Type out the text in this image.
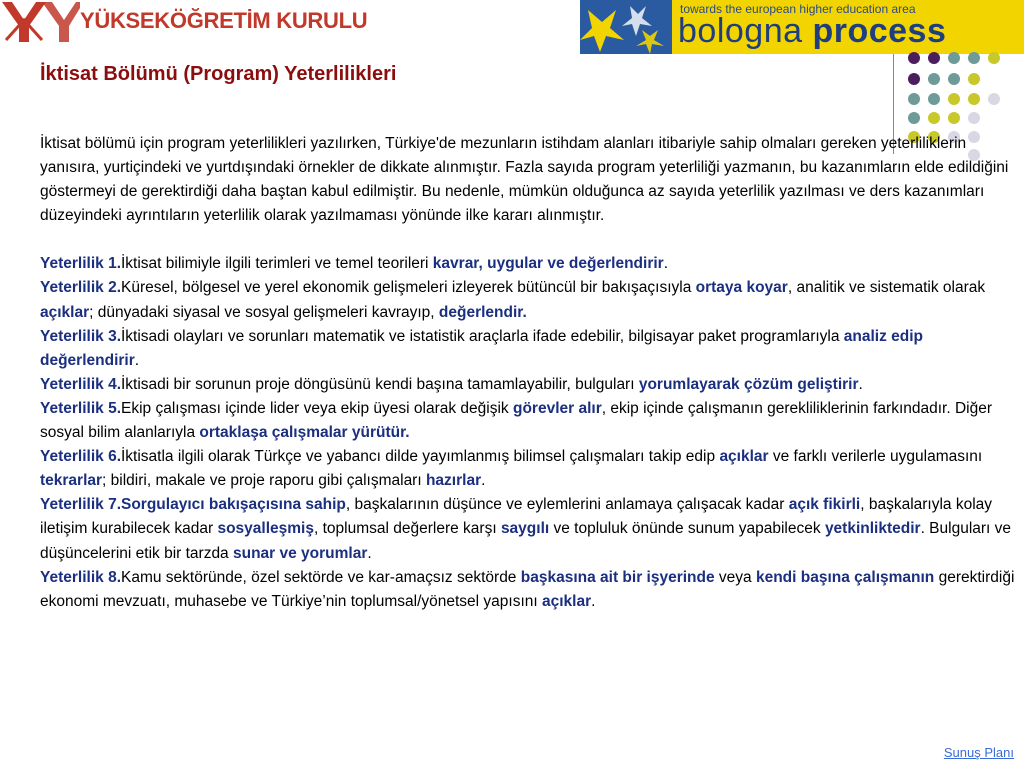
YÜKSEKÖĞRETİM KURULU	towards the european higher education area
bologna process
İktisat Bölümü (Program) Yeterlilikleri

İktisat bölümü için program yeterlilikleri yazılırken, Türkiye'de mezunların istihdam alanları itibariyle sahip olmaları gereken yeterliliklerin yanısıra, yurtiçindeki ve yurtdışındaki örnekler de dikkate alınmıştır. Fazla sayıda program yeterliliği yazmanın, bu kazanımların elde edildiğini göstermeyi de gerektirdiği daha baştan kabul edilmiştir. Bu nedenle, mümkün olduğunca az sayıda yeterlilik yazılması ve ders kazanımları düzeyindeki ayrıntıların yeterlilik olarak yazılmaması yönünde ilke kararı alınmıştır.

Yeterlilik 1.İktisat bilimiyle ilgili terimleri ve temel teorileri kavrar, uygular ve değerlendirir.

Yeterlilik 2.Küresel, bölgesel ve yerel ekonomik gelişmeleri izleyerek bütüncül bir bakışaçısıyla ortaya koyar, analitik ve sistematik olarak açıklar; dünyadaki siyasal ve sosyal gelişmeleri kavrayıp, değerlendir.

Yeterlilik 3.İktisadi olayları ve sorunları matematik ve istatistik araçlarla ifade edebilir, bilgisayar paket programlarıyla analiz edip değerlendirir.

Yeterlilik 4.İktisadi bir sorunun proje döngüsünü kendi başına tamamlayabilir, bulguları yorumlayarak çözüm geliştirir.

Yeterlilik 5.Ekip çalışması içinde lider veya ekip üyesi olarak değişik görevler alır, ekip içinde çalışmanın gerekliliklerinin farkındadır. Diğer sosyal bilim alanlarıyla ortaklaşa çalışmalar yürütür.

Yeterlilik 6.İktisatla ilgili olarak Türkçe ve yabancı dilde yayımlanmış bilimsel çalışmaları takip edip açıklar ve farklı verilerle uygulamasını tekrarlar; bildiri, makale ve proje raporu gibi çalışmaları hazırlar.

Yeterlilik 7.Sorgulayıcı bakışaçısına sahip, başkalarının düşünce ve eylemlerini anlamaya çalışacak kadar açık fikirli, başkalarıyla kolay iletişim kurabilecek kadar sosyalleşmiş, toplumsal değerlere karşı saygılı ve topluluk önünde sunum yapabilecek yetkinliktedir. Bulguları ve düşüncelerini etik bir tarzda sunar ve yorumlar.

Yeterlilik 8.Kamu sektöründe, özel sektörde ve kar-amaçsız sektörde başkasına ait bir işyerinde veya kendi başına çalışmanın gerektirdiği ekonomi mevzuatı, muhasebe ve Türkiye’nin toplumsal/yönetsel yapısını açıklar.

Sunuş Planı
